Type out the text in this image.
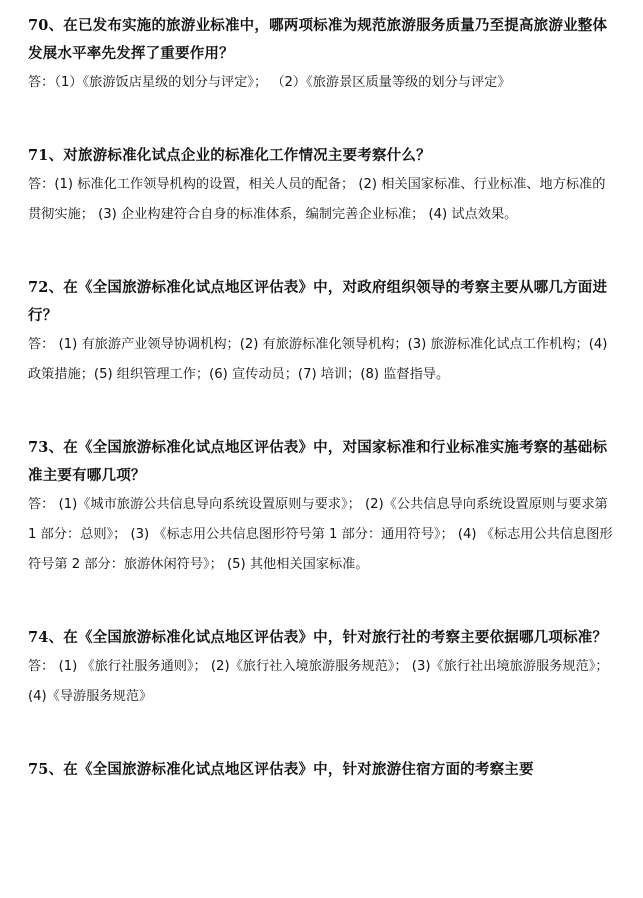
70、在已发布实施的旅游业标准中，哪两项标准为规范旅游服务质量乃至提高旅游业整体发展水平率先发挥了重要作用？

答：（1）《旅游饭店星级的划分与评定》； （2）《旅游景区质量等级的划分与评定》

71、对旅游标准化试点企业的标准化工作情况主要考察什么？

答：(1) 标准化工作领导机构的设置，相关人员的配备； (2) 相关国家标准、行业标准、地方标准的贯彻实施； (3) 企业构建符合自身的标准体系，编制完善企业标准； (4) 试点效果。

72、在《全国旅游标准化试点地区评估表》中，对政府组织领导的考察主要从哪几方面进行？

答： (1) 有旅游产业领导协调机构；(2) 有旅游标准化领导机构；(3) 旅游标准化试点工作机构；(4) 政策措施；(5) 组织管理工作；(6) 宣传动员；(7) 培训；(8) 监督指导。

73、在《全国旅游标准化试点地区评估表》中，对国家标准和行业标准实施考察的基础标准主要有哪几项？

答： (1)《城市旅游公共信息导向系统设置原则与要求》； (2)《公共信息导向系统设置原则与要求第 1 部分：总则》； (3) 《标志用公共信息图形符号第 1 部分：通用符号》； (4) 《标志用公共信息图形符号第 2 部分：旅游休闲符号》； (5) 其他相关国家标准。

74、在《全国旅游标准化试点地区评估表》中，针对旅行社的考察主要依据哪几项标准？

答： (1) 《旅行社服务通则》； (2)《旅行社入境旅游服务规范》； (3)《旅行社出境旅游服务规范》； (4)《导游服务规范》

75、在《全国旅游标准化试点地区评估表》中，针对旅游住宿方面的考察主要
